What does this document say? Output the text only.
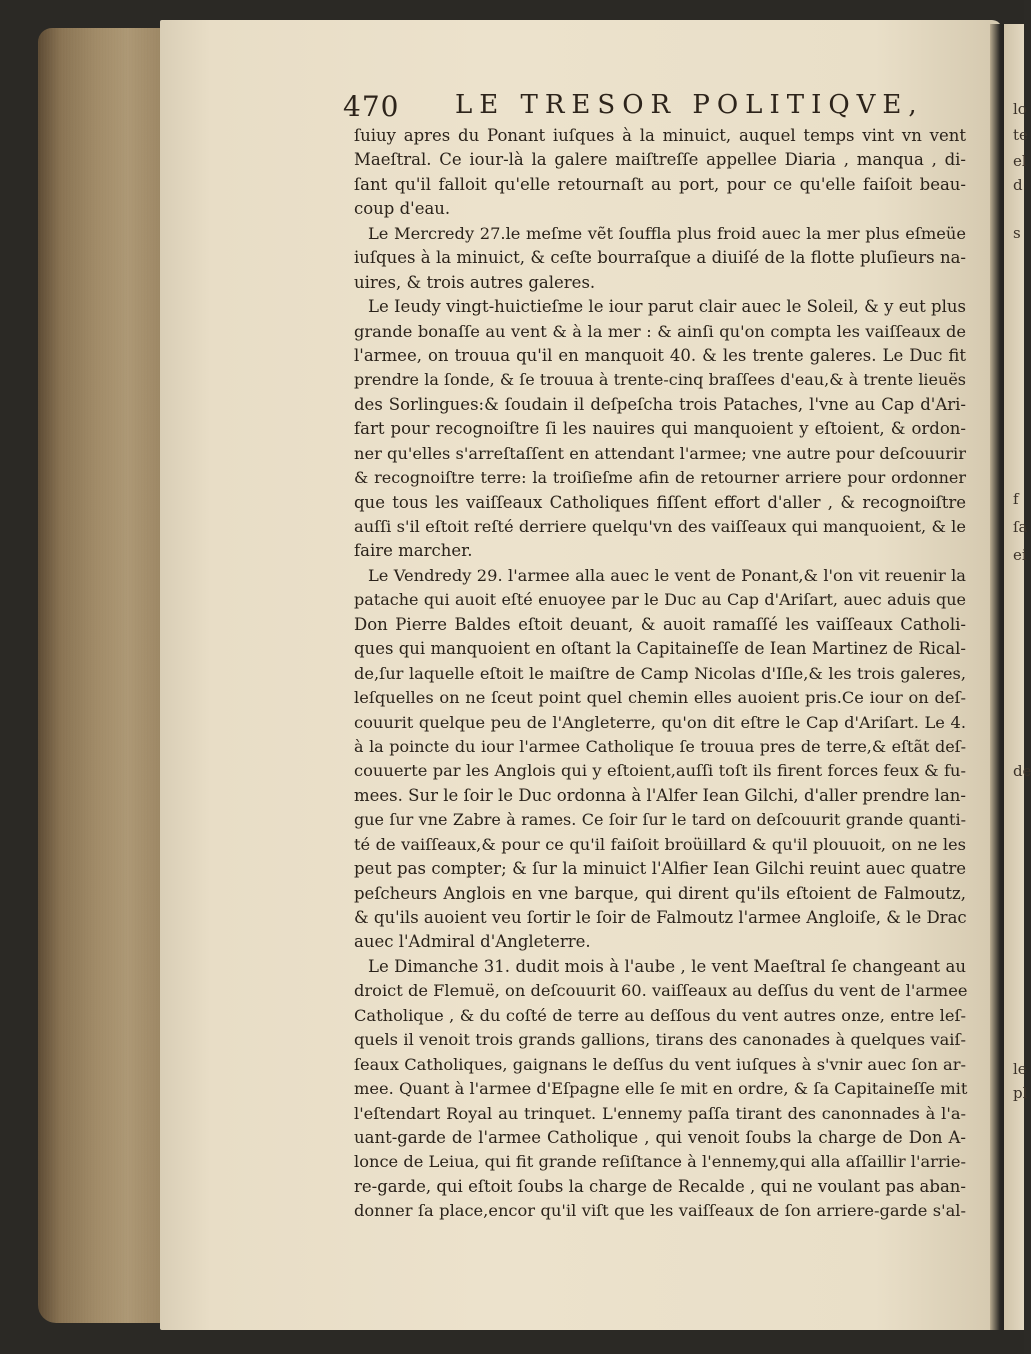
lo
te
el
d
s
f
ſa
ei
de
le
pl
470 LE TRESOR POLITIQVE,
ſuiuy apres du Ponant iuſques à la minuict, auquel temps vint vn vent
Maeſtral. Ce iour-là la galere maiſtreſſe appellee Diaria , manqua , di-
ſant qu'il falloit qu'elle retournaſt au port, pour ce qu'elle faiſoit beau-
coup d'eau.
Le Mercredy 27.le meſme vẽt ſouffla plus froid auec la mer plus eſmeüe
iuſques à la minuict, & ceſte bourraſque a diuiſé de la flotte pluſieurs na-
uires, & trois autres galeres.
Le Ieudy vingt-huictieſme le iour parut clair auec le Soleil, & y eut plus
grande bonaſſe au vent & à la mer : & ainſi qu'on compta les vaiſſeaux de
l'armee, on trouua qu'il en manquoit 40. & les trente galeres. Le Duc fit
prendre la ſonde, & ſe trouua à trente-cinq braſſees d'eau,& à trente lieuës
des Sorlingues:& ſoudain il deſpeſcha trois Pataches, l'vne au Cap d'Ari-
fart pour recognoiſtre ſi les nauires qui manquoient y eſtoient, & ordon-
ner qu'elles s'arreſtaſſent en attendant l'armee; vne autre pour deſcouurir
& recognoiſtre terre: la troiſieſme afin de retourner arriere pour ordonner
que tous les vaiſſeaux Catholiques fiſſent effort d'aller , & recognoiſtre
auſſi s'il eſtoit reſté derriere quelqu'vn des vaiſſeaux qui manquoient, & le
faire marcher.
Le Vendredy 29. l'armee alla auec le vent de Ponant,& l'on vit reuenir la
patache qui auoit eſté enuoyee par le Duc au Cap d'Ariſart, auec aduis que
Don Pierre Baldes eſtoit deuant, & auoit ramaſſé les vaiſſeaux Catholi-
ques qui manquoient en oſtant la Capitaineſſe de Iean Martinez de Rical-
de,ſur laquelle eſtoit le maiſtre de Camp Nicolas d'Iſle,& les trois galeres,
leſquelles on ne ſceut point quel chemin elles auoient pris.Ce iour on deſ-
couurit quelque peu de l'Angleterre, qu'on dit eſtre le Cap d'Ariſart. Le 4.
à la poincte du iour l'armee Catholique ſe trouua pres de terre,& eſtãt deſ-
couuerte par les Anglois qui y eſtoient,auſſi toſt ils firent forces feux & fu-
mees. Sur le ſoir le Duc ordonna à l'Alfer Iean Gilchi, d'aller prendre lan-
gue ſur vne Zabre à rames. Ce ſoir ſur le tard on deſcouurit grande quanti-
té de vaiſſeaux,& pour ce qu'il faiſoit broüillard & qu'il plouuoit, on ne les
peut pas compter; & ſur la minuict l'Alfier Iean Gilchi reuint auec quatre
peſcheurs Anglois en vne barque, qui dirent qu'ils eſtoient de Falmoutz,
& qu'ils auoient veu ſortir le ſoir de Falmoutz l'armee Angloiſe, & le Drac
auec l'Admiral d'Angleterre.
Le Dimanche 31. dudit mois à l'aube , le vent Maeſtral ſe changeant au
droict de Flemuë, on deſcouurit 60. vaiſſeaux au deſſus du vent de l'armee
Catholique , & du coſté de terre au deſſous du vent autres onze, entre leſ-
quels il venoit trois grands gallions, tirans des canonades à quelques vaiſ-
ſeaux Catholiques, gaignans le deſſus du vent iuſques à s'vnir auec ſon ar-
mee. Quant à l'armee d'Eſpagne elle ſe mit en ordre, & ſa Capitaineſſe mit
l'eſtendart Royal au trinquet. L'ennemy paſſa tirant des canonnades à l'a-
uant-garde de l'armee Catholique , qui venoit ſoubs la charge de Don A-
lonce de Leiua, qui fit grande reſiſtance à l'ennemy,qui alla aſſaillir l'arrie-
re-garde, qui eſtoit ſoubs la charge de Recalde , qui ne voulant pas aban-
donner ſa place,encor qu'il viſt que les vaiſſeaux de ſon arriere-garde s'al-
